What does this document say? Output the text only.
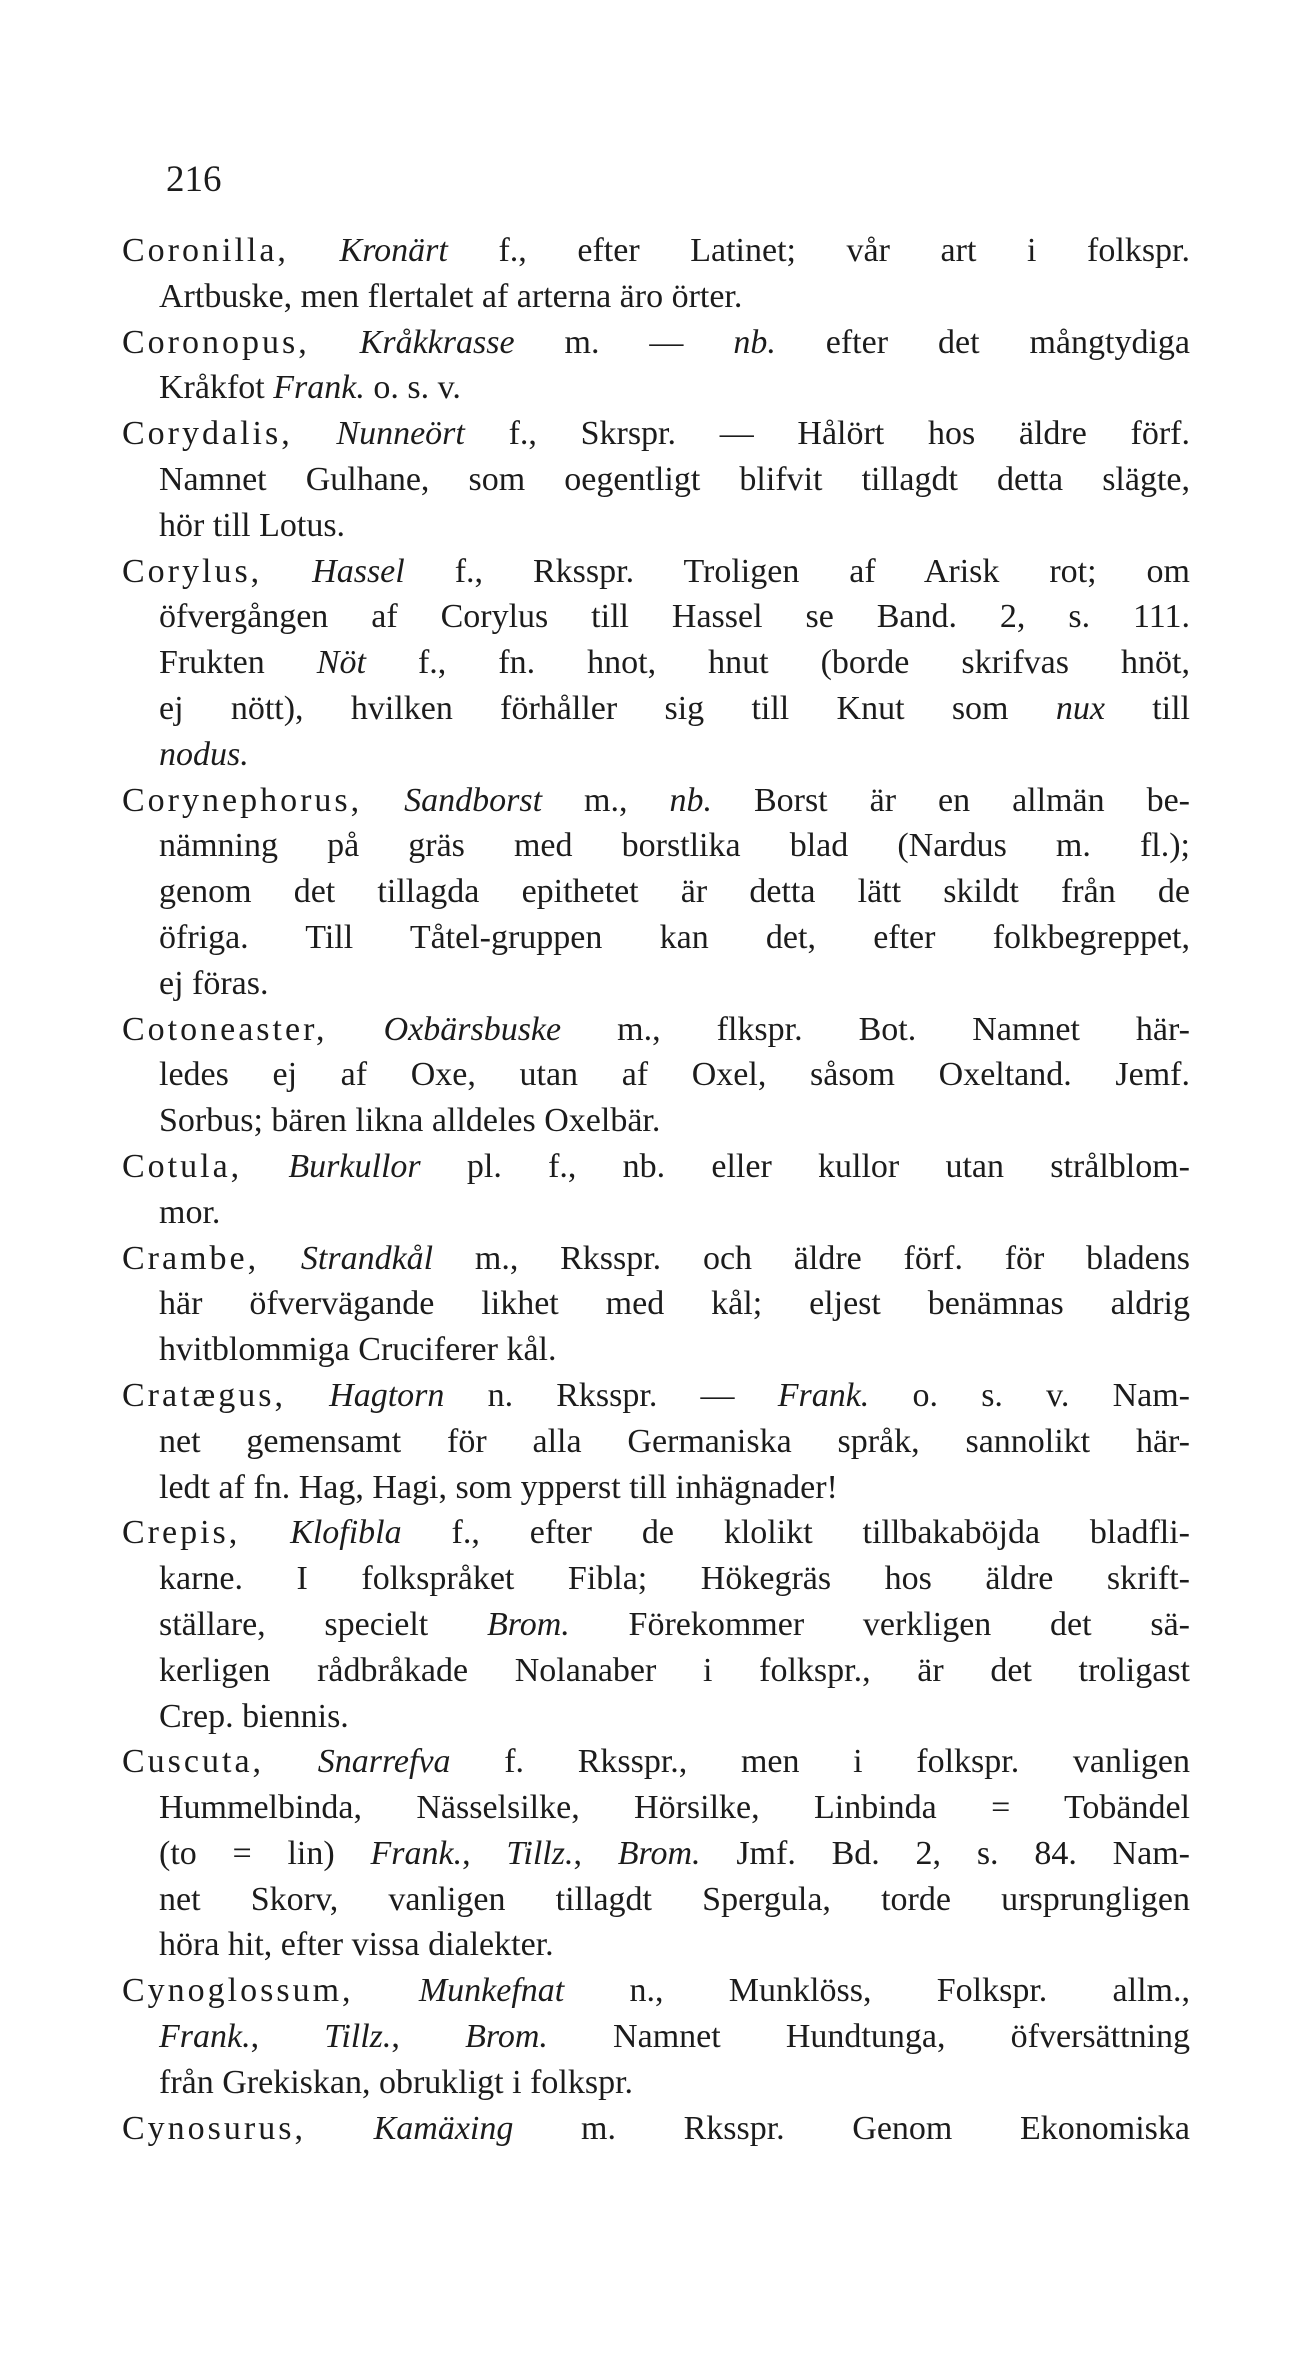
216
Coronilla, Kronärt f., efter Latinet; vår art i folkspr.
Artbuske, men flertalet af arterna äro örter.
Coronopus, Kråkkrasse m. — nb. efter det mångtydiga
Kråkfot Frank. o. s. v.
Corydalis, Nunneört f., Skrspr. — Hålört hos äldre förf.
Namnet Gulhane, som oegentligt blifvit tillagdt detta slägte,
hör till Lotus.
Corylus, Hassel f., Rksspr. Troligen af Arisk rot; om
öfvergången af Corylus till Hassel se Band. 2, s. 111.
Frukten Nöt f., fn. hnot, hnut (borde skrifvas hnöt,
ej nött), hvilken förhåller sig till Knut som nux till
nodus.
Corynephorus, Sandborst m., nb. Borst är en allmän be-
nämning på gräs med borstlika blad (Nardus m. fl.);
genom det tillagda epithetet är detta lätt skildt från de
öfriga. Till Tåtel-gruppen kan det, efter folkbegreppet,
ej föras.
Cotoneaster, Oxbärsbuske m., flkspr. Bot. Namnet här-
ledes ej af Oxe, utan af Oxel, såsom Oxeltand. Jemf.
Sorbus; bären likna alldeles Oxelbär.
Cotula, Burkullor pl. f., nb. eller kullor utan strålblom-
mor.
Crambe, Strandkål m., Rksspr. och äldre förf. för bladens
här öfvervägande likhet med kål; eljest benämnas aldrig
hvitblommiga Cruciferer kål.
Cratægus, Hagtorn n. Rksspr. — Frank. o. s. v. Nam-
net gemensamt för alla Germaniska språk, sannolikt här-
ledt af fn. Hag, Hagi, som ypperst till inhägnader!
Crepis, Klofibla f., efter de klolikt tillbakaböjda bladfli-
karne. I folkspråket Fibla; Hökegräs hos äldre skrift-
ställare, specielt Brom. Förekommer verkligen det sä-
kerligen rådbråkade Nolanaber i folkspr., är det troligast
Crep. biennis.
Cuscuta, Snarrefva f. Rksspr., men i folkspr. vanligen
Hummelbinda, Nässelsilke, Hörsilke, Linbinda = Tobändel
(to = lin) Frank., Tillz., Brom. Jmf. Bd. 2, s. 84. Nam-
net Skorv, vanligen tillagdt Spergula, torde ursprungligen
höra hit, efter vissa dialekter.
Cynoglossum, Munkefnat n., Munklöss, Folkspr. allm.,
Frank., Tillz., Brom. Namnet Hundtunga, öfversättning
från Grekiskan, obrukligt i folkspr.
Cynosurus, Kamäxing m. Rksspr. Genom Ekonomiska
